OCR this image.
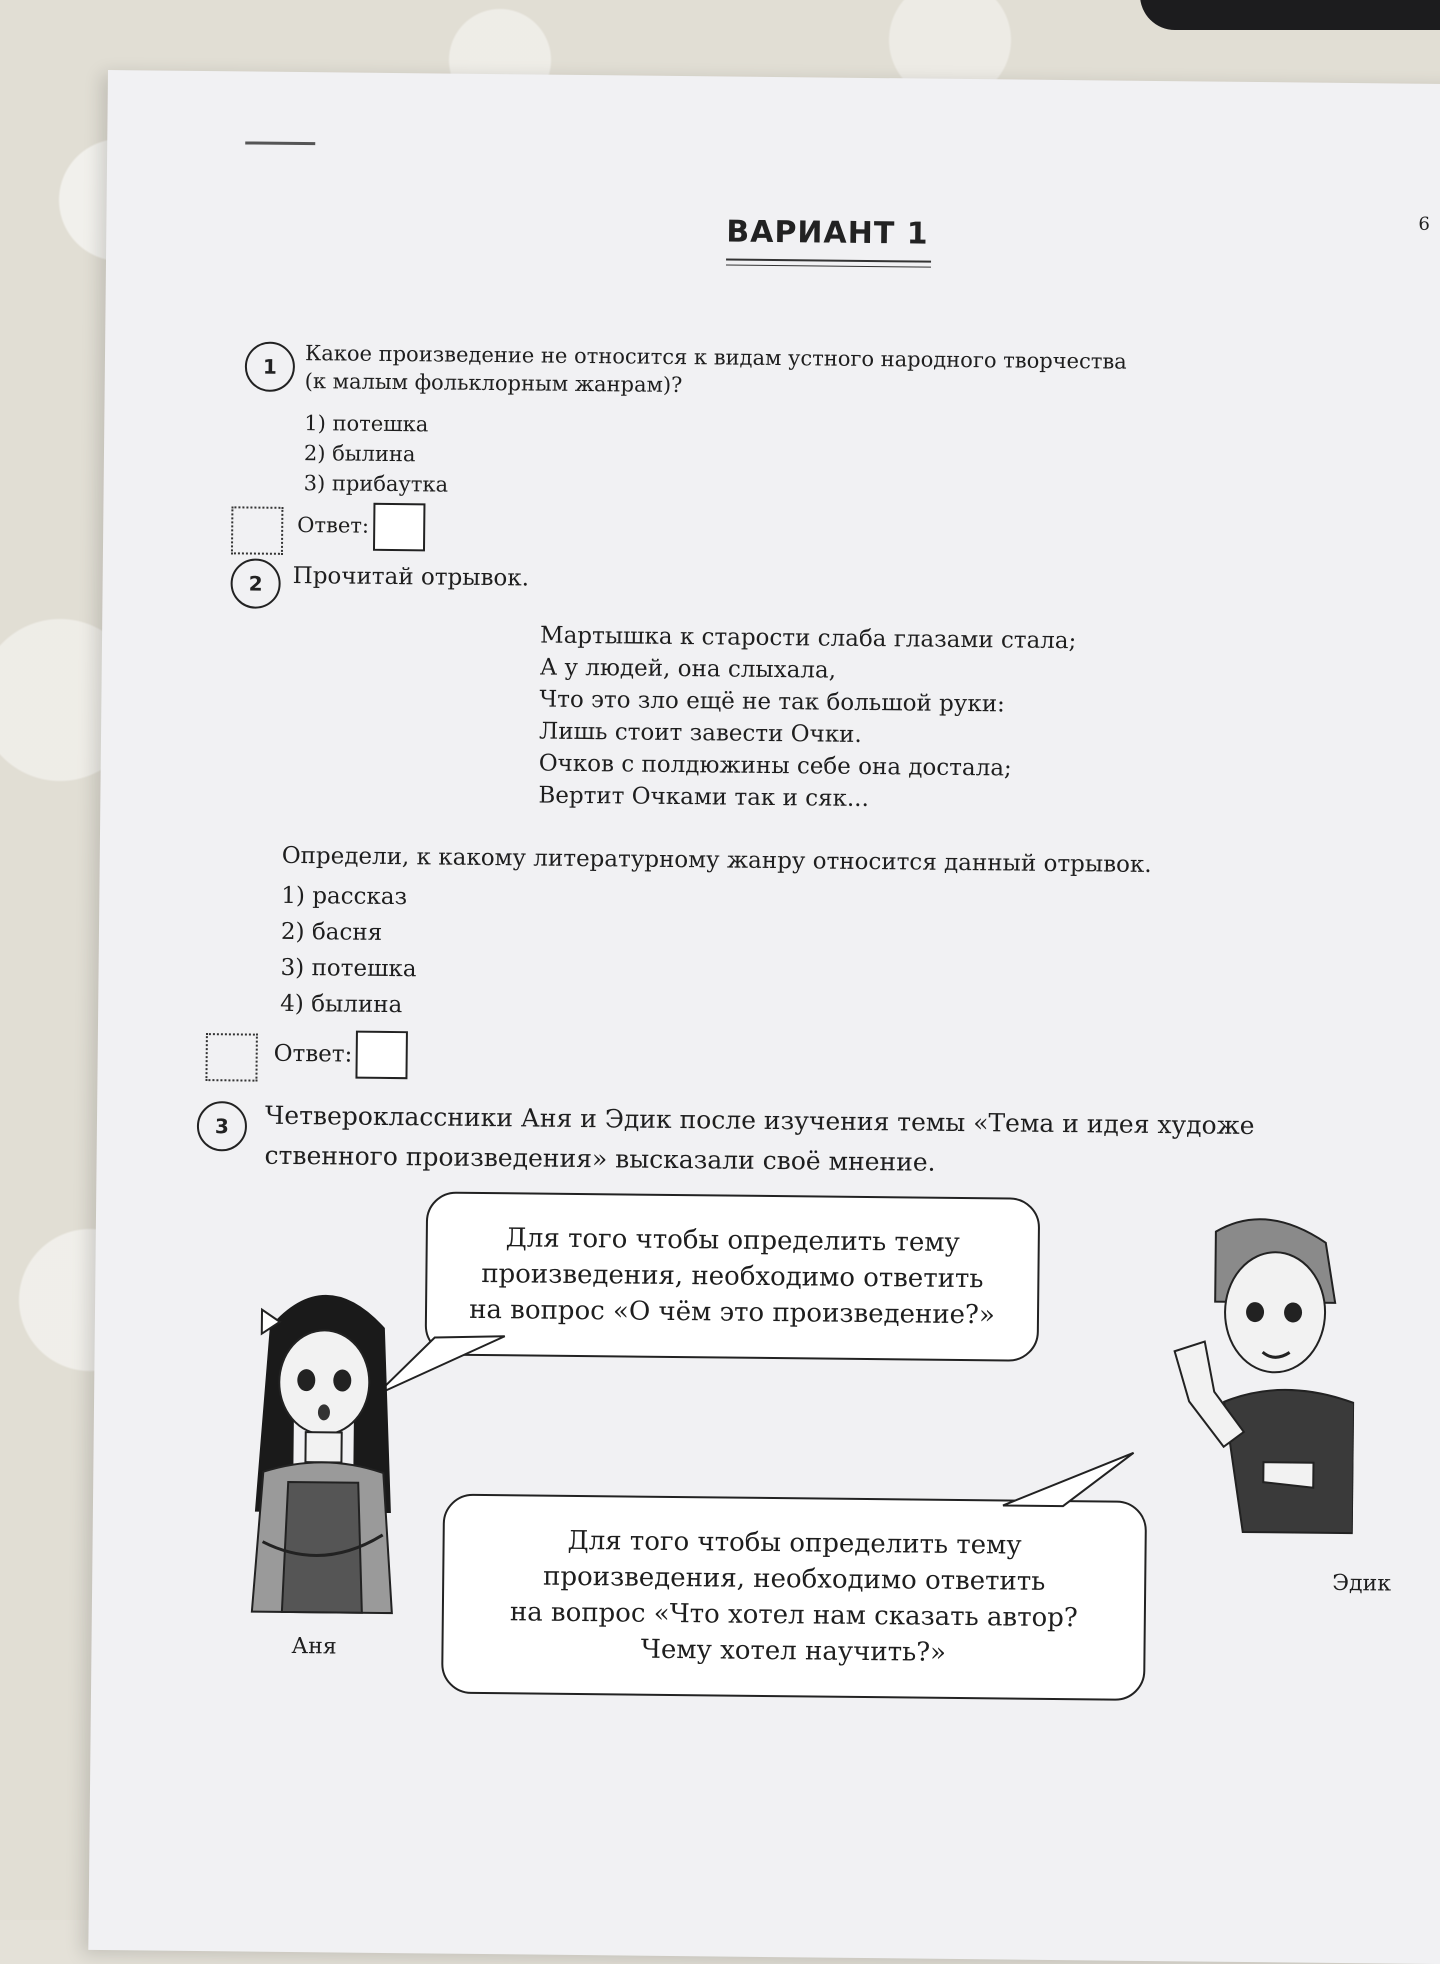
6
ВАРИАНТ 1
1	Какое произведение не относится к видам устного народного творчества
(к малым фольклорным жанрам)?
1) потешка
2) былина
3) прибаутка
Ответ:
2	Прочитай отрывок.
Мартышка к старости слаба глазами стала;
А у людей, она слыхала,
Что это зло ещё не так большой руки:
Лишь стоит завести Очки.
Очков с полдюжины себе она достала;
Вертит Очками так и сяк...
Определи, к какому литературному жанру относится данный отрывок.
1) рассказ
2) басня
3) потешка
4) былина
Ответ:
3	Четвероклассники Аня и Эдик после изучения темы «Тема и идея художе
ственного произведения» высказали своё мнение.
Для того чтобы определить тему
произведения, необходимо ответить
на вопрос «О чём это произведение?»
Для того чтобы определить тему
произведения, необходимо ответить
на вопрос «Что хотел нам сказать автор?
Чему хотел научить?»
Аня
Эдик
